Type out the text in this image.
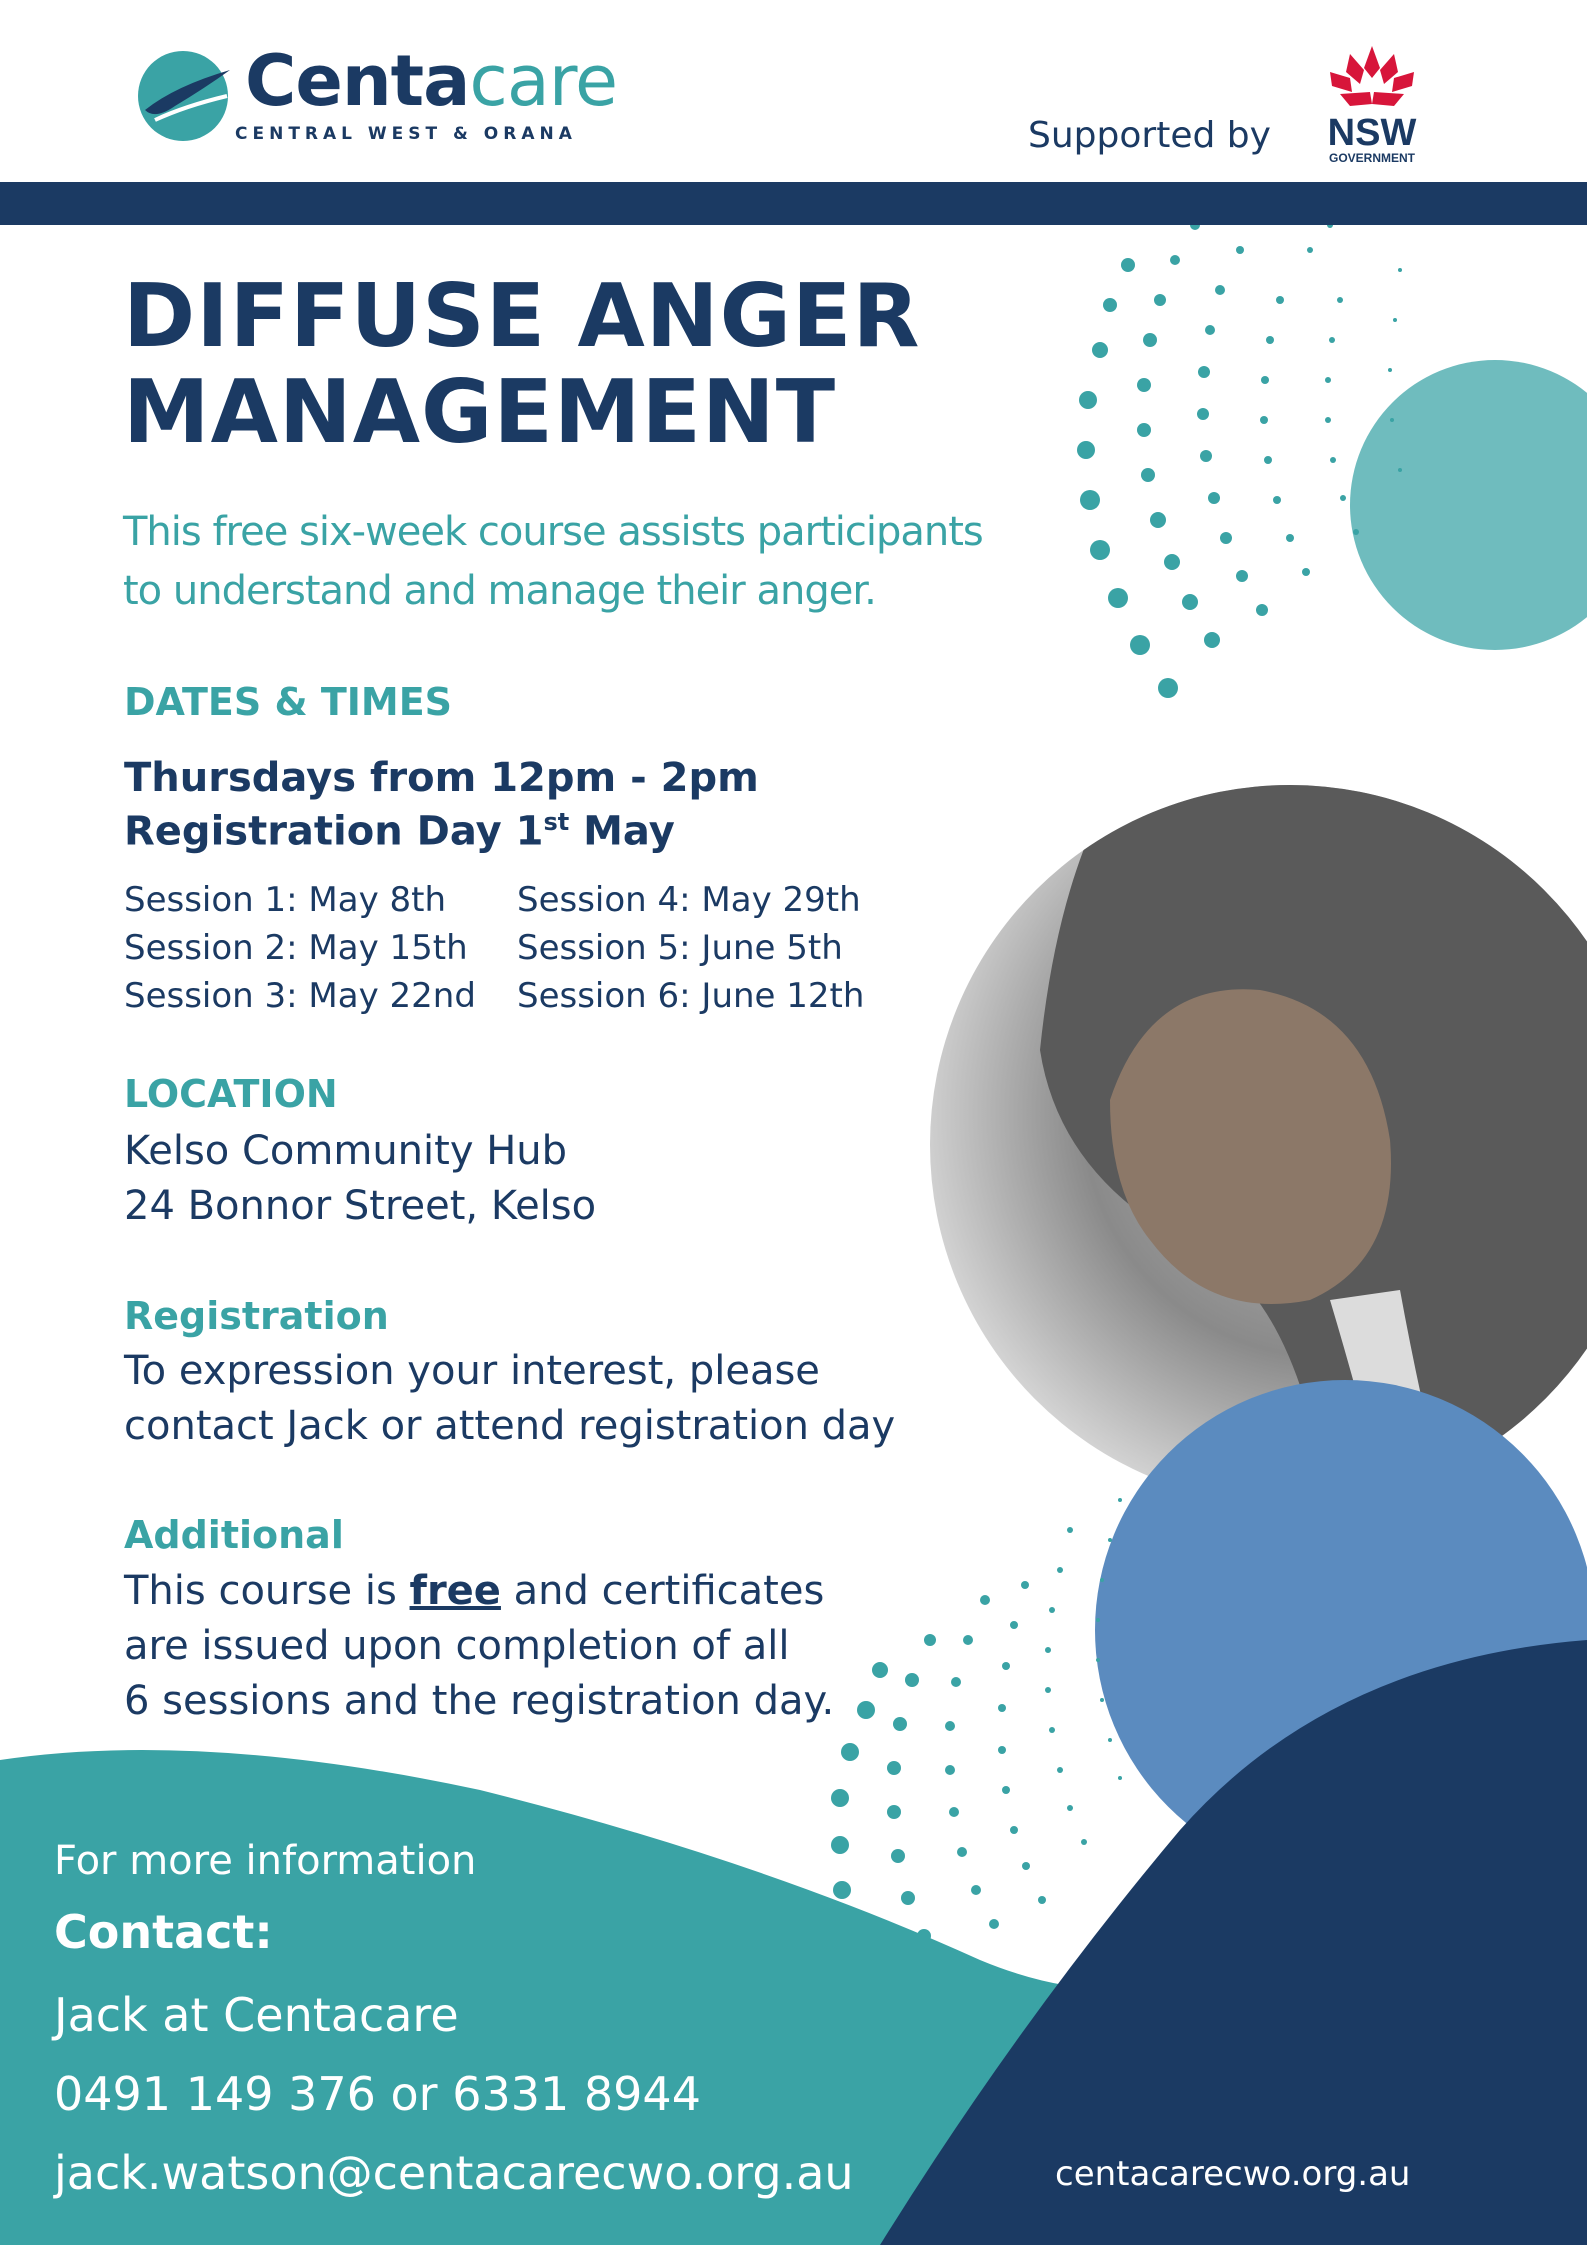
Centacare
CENTRAL WEST & ORANA	Supported by NSW
GOVERNMENT
DIFFUSE ANGER
MANAGEMENT
This free six-week course assists participants
to understand and manage their anger.
DATES & TIMES
Thursdays from 12pm - 2pm
Registration Day 1st May
Session 1: May 8th
Session 2: May 15th
Session 3: May 22nd
Session 4: May 29th
Session 5: June 5th
Session 6: June 12th
LOCATION
Kelso Community Hub
24 Bonnor Street, Kelso
Registration
To expression your interest, please
contact Jack or attend registration day
Additional
This course is free and certificates
are issued upon completion of all
6 sessions and the registration day.
For more information
Contact:
Jack at Centacare
0491 149 376 or 6331 8944
jack.watson@centacarecwo.org.au	centacarecwo.org.au
